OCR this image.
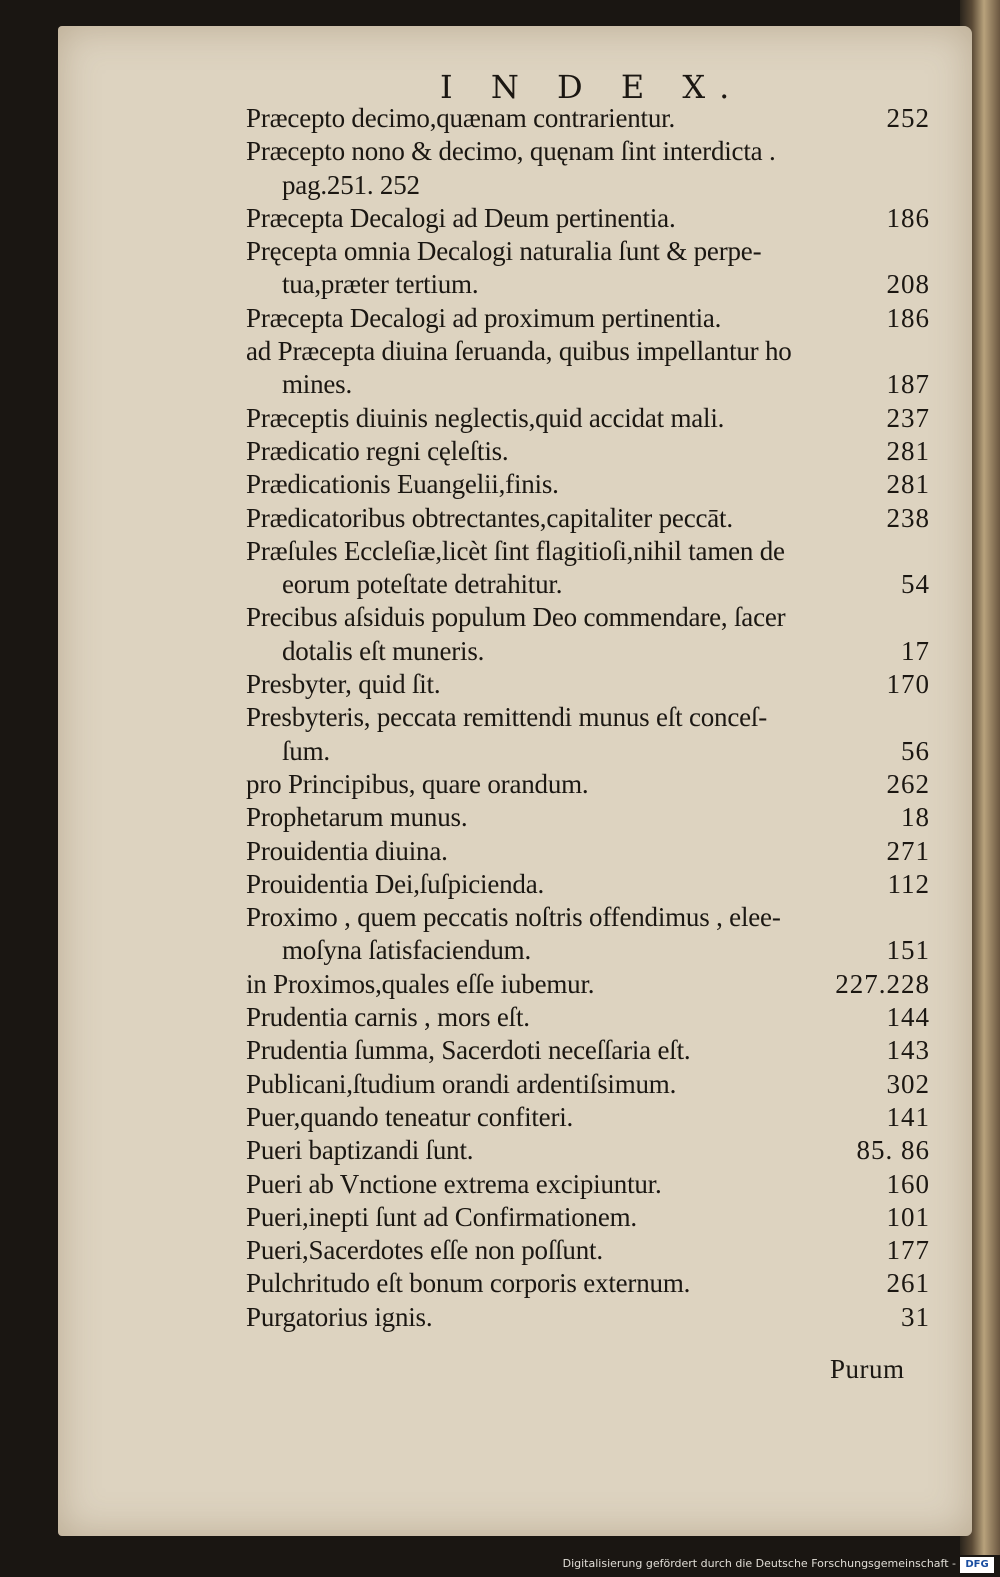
I N D E X.
Præcepto decimo,quænam contrarientur.	252
Præcepto nono & decimo, quęnam ſint interdicta .
pag.251. 252
Præcepta Decalogi ad Deum pertinentia.	186
Pręcepta omnia Decalogi naturalia ſunt & perpe-
tua,præter tertium.	208
Præcepta Decalogi ad proximum pertinentia.	186
ad Præcepta diuina ſeruanda, quibus impellantur ho
mines.	187
Præceptis diuinis neglectis,quid accidat mali.	237
Prædicatio regni cęleſtis.	281
Prædicationis Euangelii,finis.	281
Prædicatoribus obtrectantes,capitaliter peccāt.	238
Præſules Eccleſiæ,licèt ſint flagitioſi,nihil tamen de
eorum poteſtate detrahitur.	54
Precibus aſsiduis populum Deo commendare, ſacer
dotalis eſt muneris.	17
Presbyter, quid ſit.	170
Presbyteris, peccata remittendi munus eſt conceſ-
ſum.	56
pro Principibus, quare orandum.	262
Prophetarum munus.	18
Prouidentia diuina.	271
Prouidentia Dei,ſuſpicienda.	112
Proximo , quem peccatis noſtris offendimus , elee-
moſyna ſatisfaciendum.	151
in Proximos,quales eſſe iubemur.	227.228
Prudentia carnis , mors eſt.	144
Prudentia ſumma, Sacerdoti neceſſaria eſt.	143
Publicani,ſtudium orandi ardentiſsimum.	302
Puer,quando teneatur confiteri.	141
Pueri baptizandi ſunt.	85. 86
Pueri ab Vnctione extrema excipiuntur.	160
Pueri,inepti ſunt ad Confirmationem.	101
Pueri,Sacerdotes eſſe non poſſunt.	177
Pulchritudo eſt bonum corporis externum.	261
Purgatorius ignis.	31
Purum
Digitalisierung gefördert durch die Deutsche Forschungsgemeinschaft - DFG
